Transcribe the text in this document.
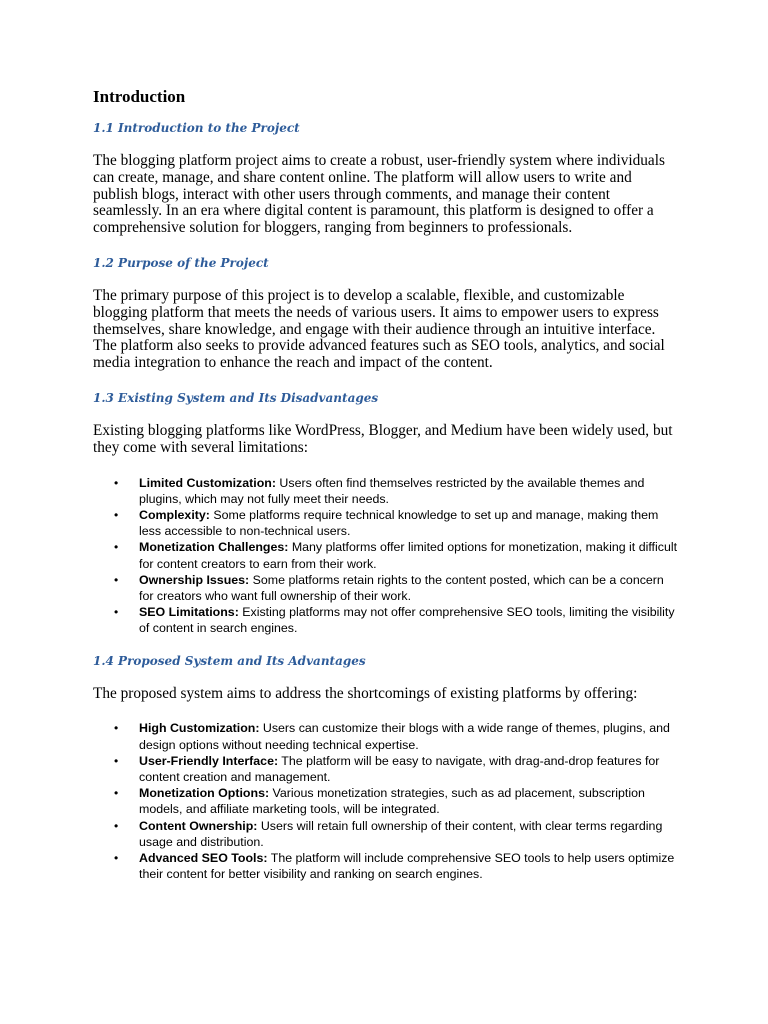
Introduction
1.1 Introduction to the Project

The blogging platform project aims to create a robust, user-friendly system where individuals can create, manage, and share content online. The platform will allow users to write and publish blogs, interact with other users through comments, and manage their content seamlessly. In an era where digital content is paramount, this platform is designed to offer a comprehensive solution for bloggers, ranging from beginners to professionals.

1.2 Purpose of the Project

The primary purpose of this project is to develop a scalable, flexible, and customizable blogging platform that meets the needs of various users. It aims to empower users to express themselves, share knowledge, and engage with their audience through an intuitive interface. The platform also seeks to provide advanced features such as SEO tools, analytics, and social media integration to enhance the reach and impact of the content.

1.3 Existing System and Its Disadvantages

Existing blogging platforms like WordPress, Blogger, and Medium have been widely used, but they come with several limitations:

• Limited Customization: Users often find themselves restricted by the available themes and plugins, which may not fully meet their needs.
• Complexity: Some platforms require technical knowledge to set up and manage, making them less accessible to non-technical users.
• Monetization Challenges: Many platforms offer limited options for monetization, making it difficult for content creators to earn from their work.
• Ownership Issues: Some platforms retain rights to the content posted, which can be a concern for creators who want full ownership of their work.
• SEO Limitations: Existing platforms may not offer comprehensive SEO tools, limiting the visibility of content in search engines.
1.4 Proposed System and Its Advantages

The proposed system aims to address the shortcomings of existing platforms by offering:

• High Customization: Users can customize their blogs with a wide range of themes, plugins, and design options without needing technical expertise.
• User-Friendly Interface: The platform will be easy to navigate, with drag-and-drop features for content creation and management.
• Monetization Options: Various monetization strategies, such as ad placement, subscription models, and affiliate marketing tools, will be integrated.
• Content Ownership: Users will retain full ownership of their content, with clear terms regarding usage and distribution.
• Advanced SEO Tools: The platform will include comprehensive SEO tools to help users optimize their content for better visibility and ranking on search engines.
